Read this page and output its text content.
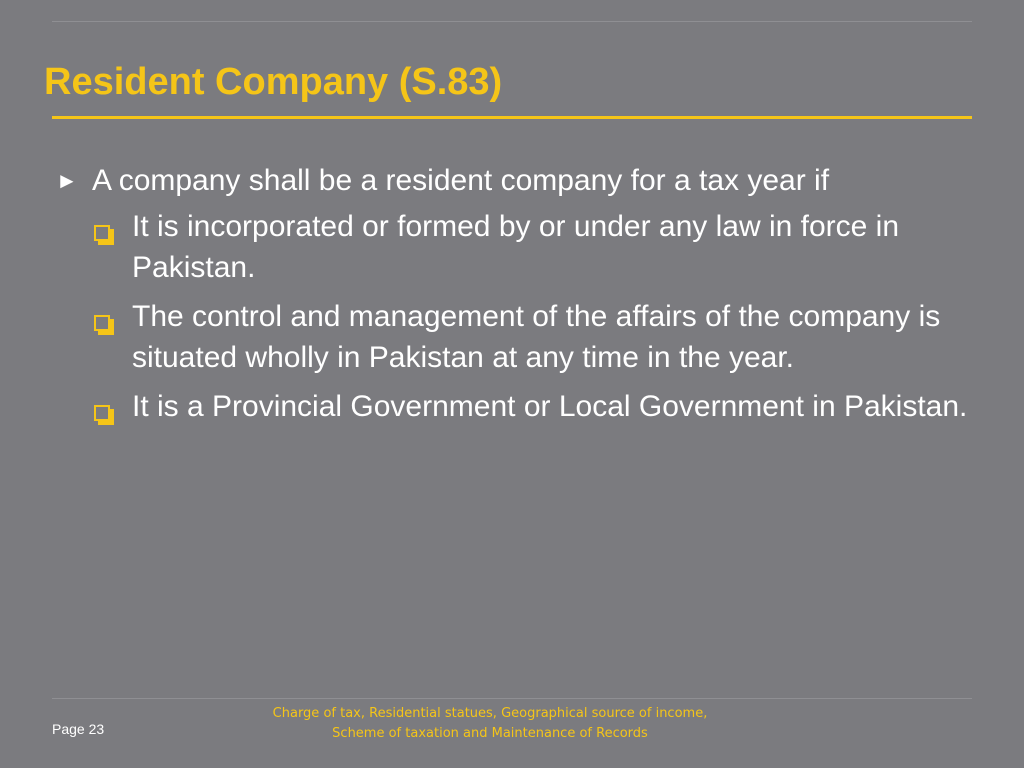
Resident Company (S.83)
► A company shall be a resident company for a tax year if
It is incorporated or formed by or under any law in force in Pakistan.
The control and management of the affairs of the company is situated wholly in Pakistan at any time in the year.
It is a Provincial Government or Local Government in Pakistan.
Page 23
Charge of tax, Residential statues, Geographical source of income,
Scheme of taxation and Maintenance of Records
